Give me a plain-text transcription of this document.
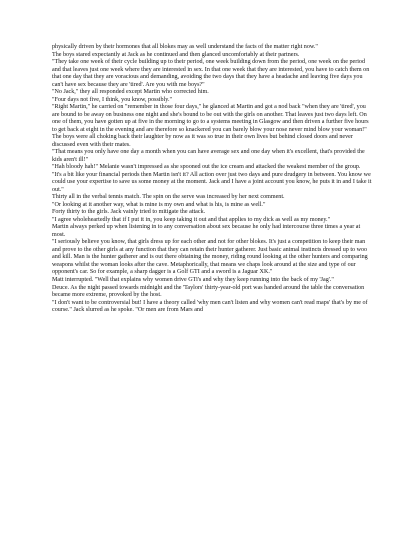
physically driven by their hormones that all blokes may as well understand the facts of the matter right now."

The boys stared expectantly at Jack as he continued and then glanced uncomfortably at their partners.

"They take one week of their cycle building up to their period, one week building down from the period, one week on the period and that leaves just one week where they are interested in sex. In that one week that they are interested, you have to catch them on that one day that they are voracious and demanding, avoiding the two days that they have a headache and leaving five days you can't have sex because they are 'tired'. Are you with me boys?"

"No Jack," they all responded except Martin who corrected him.

"Four days not five, I think, you know, possibly."

"Right Martin," he carried on "remember in those four days," he glanced at Martin and got a nod back "when they are 'tired', you are bound to be away on business one night and she's bound to be out with the girls on another. That leaves just two days left. On one of them, you have gotten up at five in the morning to go to a systems meeting in Glasgow and then driven a further five hours to get back at eight in the evening and are therefore so knackered you can barely blow your nose never mind blow your woman!"

The boys were all choking back their laughter by now as it was so true in their own lives but behind closed doors and never discussed even with their mates.

"That means you only have one day a month when you can have average sex and one day when it's excellent, that's provided the kids aren't ill!"

"Hah bloody hah!" Melanie wasn't impressed as she spooned out the ice cream and attacked the weakest member of the group.

"It's a bit like your financial periods then Martin isn't it? All action over just two days and pure drudgery in between. You know we could use your expertise to save us some money at the moment. Jack and I have a joint account you know, he puts it in and I take it out."

Thirty all in the verbal tennis match. The spin on the serve was increased by her next comment.

"Or looking at it another way, what is mine is my own and what is his, is mine as well."

Forty thirty to the girls. Jack vainly tried to mitigate the attack.

"I agree wholeheartedly that if I put it in, you keep taking it out and that applies to my dick as well as my money."

Martin always perked up when listening in to any conversation about sex because he only had intercourse three times a year at most.

"I seriously believe you know, that girls dress up for each other and not for other blokes. It's just a competition to keep their man and prove to the other girls at any function that they can retain their hunter gatherer. Just basic animal instincts dressed up to woo and kill. Man is the hunter gatherer and is out there obtaining the money, riding round looking at the other hunters and comparing weapons whilst the woman looks after the cave. Metaphorically, that means we chaps look around at the size and type of our opponent's car. So for example, a sharp dagger is a Golf GTI and a sword is a Jaguar XK."

Matt interrupted. "Well that explains why women drive GTi's and why they keep running into the back of my 'Jag'."

Deuce. As the night passed towards midnight and the 'Taylors' thirty-year-old port was handed around the table the conversation became more extreme, provoked by the host.

"I don't want to be controversial but! I have a theory called 'why men can't listen and why women can't read maps' that's by me of course." Jack slurred as he spoke. "Or men are from Mars and
